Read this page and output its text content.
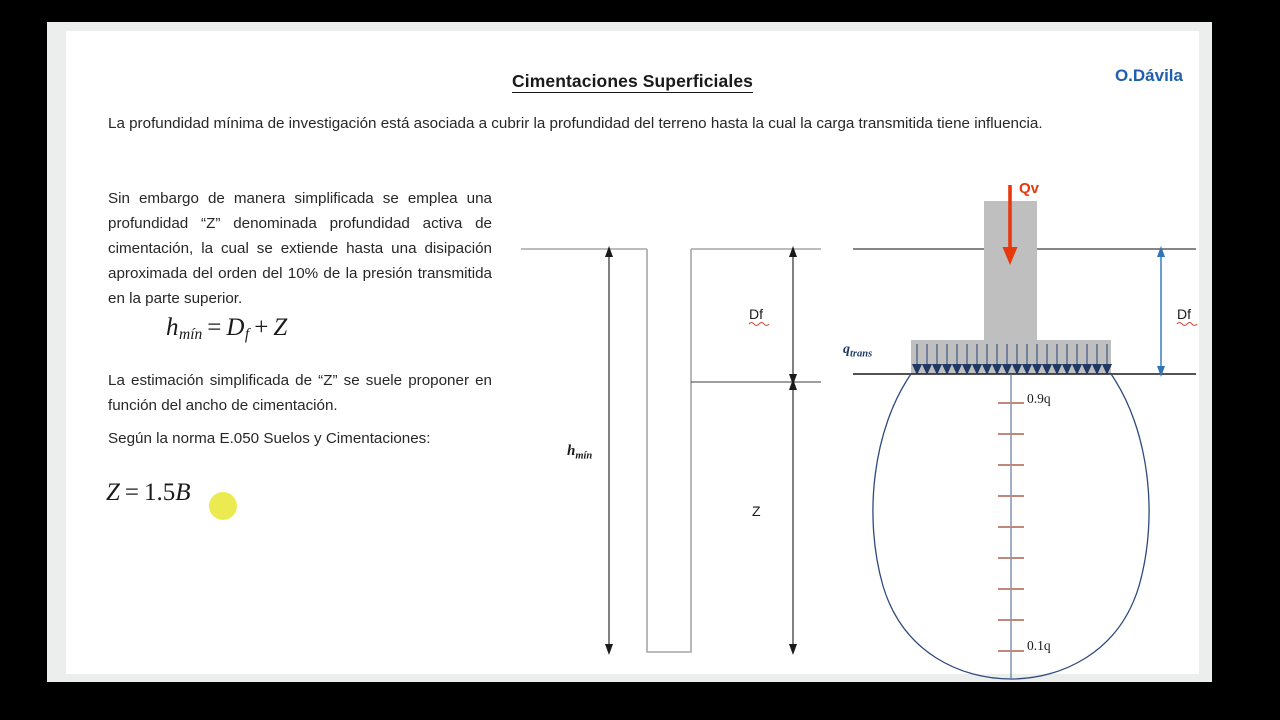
Cimentaciones Superficiales	O.Dávila
La profundidad mínima de investigación está asociada a cubrir la profundidad del terreno hasta la cual la carga transmitida tiene influencia.
Sin embargo de manera simplificada se emplea una profundidad “Z” denominada profundidad activa de cimentación, la cual se extiende hasta una disipación aproximada del orden del 10% de la presión transmitida en la parte superior.
La estimación simplificada de “Z” se suele proponer en función del ancho de cimentación.
Según la norma E.050 Suelos y Cimentaciones:
hmín = Df + Z
Z = 1.5B
$h_{mín}$
Df
Z
Qv
$q_{trans}$
Df
0.9q
0.1q
